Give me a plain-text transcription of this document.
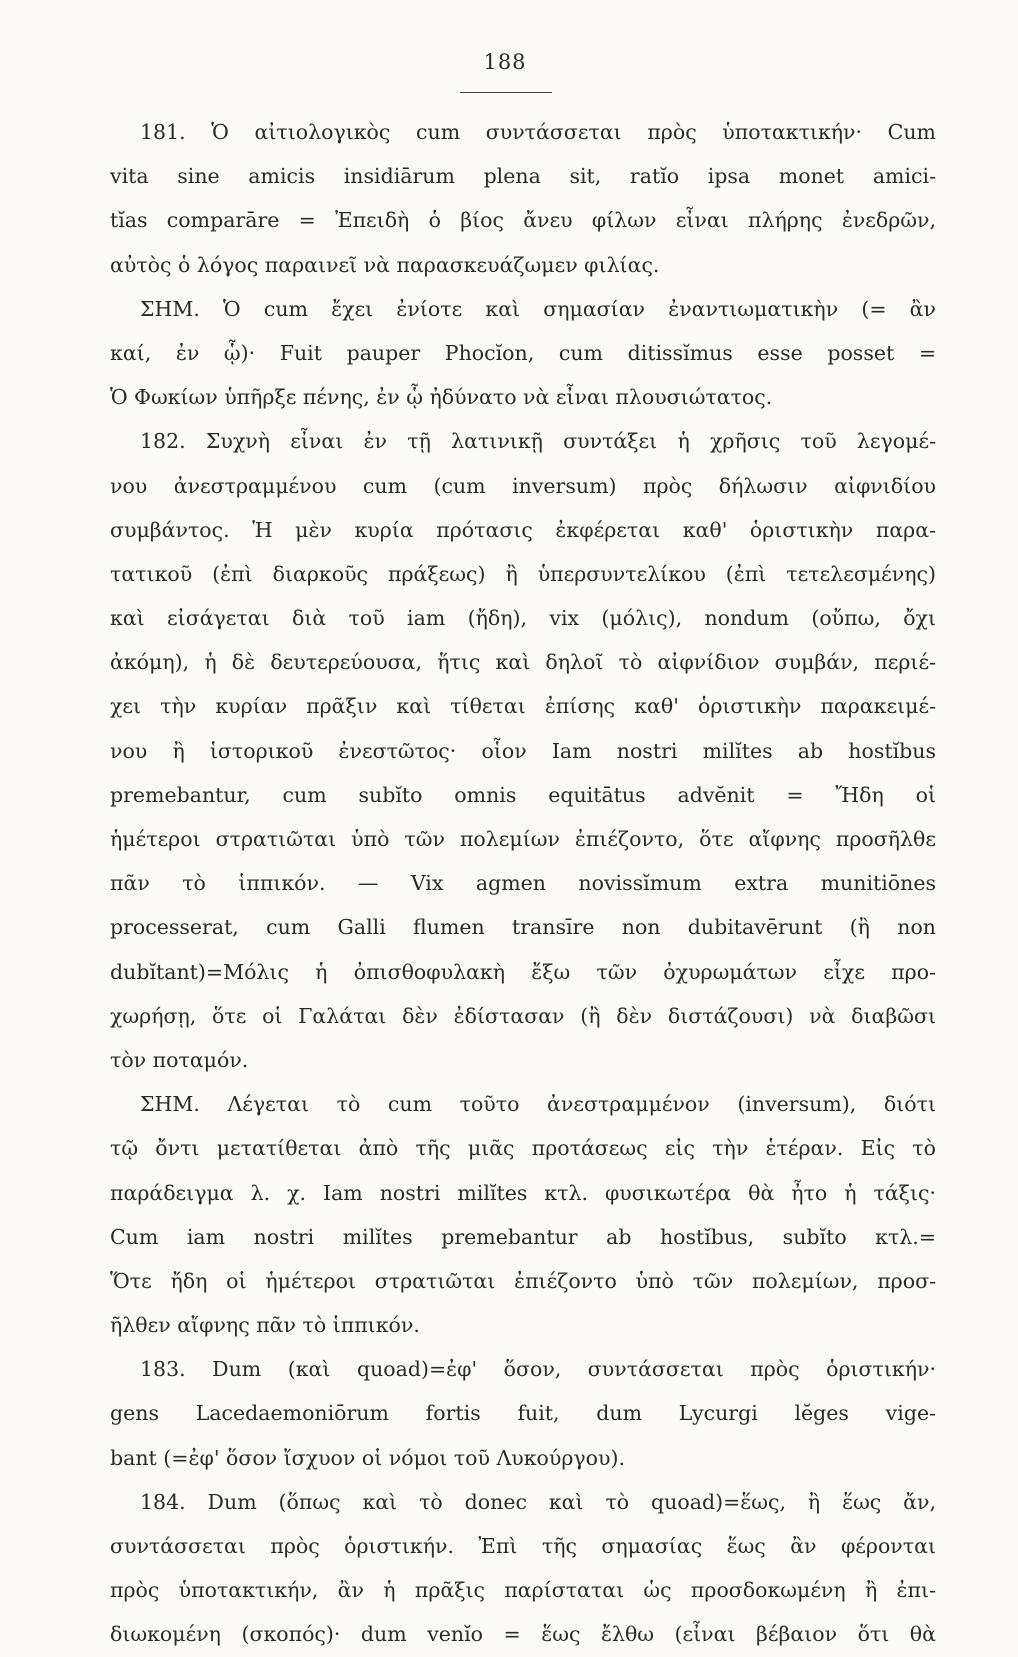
188
181. Ὁ αἰτιολογικὸς cum συντάσσεται πρὸς ὑποτακτικήν· Cum
vita sine amicis insidiārum plena sit, ratĭo ipsa monet amici-
tĭas comparāre = Ἐπειδὴ ὁ βίος ἄνευ φίλων εἶναι πλήρης ἐνεδρῶν,
αὐτὸς ὁ λόγος παραινεῖ νὰ παρασκευάζωμεν φιλίας.
ΣΗΜ. Ὁ cum ἔχει ἐνίοτε καὶ σημασίαν ἐναντιωματικὴν (= ἂν
καί, ἐν ᾧ)· Fuit pauper Phocĭon, cum ditissĭmus esse posset =
Ὁ Φωκίων ὑπῆρξε πένης, ἐν ᾧ ἠδύνατο νὰ εἶναι πλουσιώτατος.
182. Συχνὴ εἶναι ἐν τῇ λατινικῇ συντάξει ἡ χρῆσις τοῦ λεγομέ-
νου ἀνεστραμμένου cum (cum inversum) πρὸς δήλωσιν αἰφνιδίου
συμβάντος. Ἡ μὲν κυρία πρότασις ἐκφέρεται καθ' ὁριστικὴν παρα-
τατικοῦ (ἐπὶ διαρκοῦς πράξεως) ἢ ὑπερσυντελίκου (ἐπὶ τετελεσμένης)
καὶ εἰσάγεται διὰ τοῦ iam (ἤδη), vix (μόλις), nondum (οὔπω, ὄχι
ἀκόμη), ἡ δὲ δευτερεύουσα, ἥτις καὶ δηλοῖ τὸ αἰφνίδιον συμβάν, περιέ-
χει τὴν κυρίαν πρᾶξιν καὶ τίθεται ἐπίσης καθ' ὁριστικὴν παρακειμέ-
νου ἢ ἱστορικοῦ ἐνεστῶτος· οἷον Iam nostri milĭtes ab hostĭbus
premebantur, cum subĭto omnis equitātus advĕnit = Ἤδη οἱ
ἡμέτεροι στρατιῶται ὑπὸ τῶν πολεμίων ἐπιέζοντο, ὅτε αἴφνης προσῆλθε
πᾶν τὸ ἱππικόν. — Vix agmen novissĭmum extra munitiōnes
processerat, cum Galli flumen transīre non dubitavērunt (ἢ non
dubĭtant)=Μόλις ἡ ὀπισθοφυλακὴ ἔξω τῶν ὀχυρωμάτων εἶχε προ-
χωρήσῃ, ὅτε οἱ Γαλάται δὲν ἐδίστασαν (ἢ δὲν διστάζουσι) νὰ διαβῶσι
τὸν ποταμόν.
ΣΗΜ. Λέγεται τὸ cum τοῦτο ἀνεστραμμένον (inversum), διότι
τῷ ὄντι μετατίθεται ἀπὸ τῆς μιᾶς προτάσεως εἰς τὴν ἑτέραν. Εἰς τὸ
παράδειγμα λ. χ. Iam nostri milĭtes κτλ. φυσικωτέρα θὰ ἦτο ἡ τάξις·
Cum iam nostri milĭtes premebantur ab hostĭbus, subĭto κτλ.=
Ὅτε ἤδη οἱ ἡμέτεροι στρατιῶται ἐπιέζοντο ὑπὸ τῶν πολεμίων, προσ-
ῆλθεν αἴφνης πᾶν τὸ ἱππικόν.
183. Dum (καὶ quoad)=ἐφ' ὅσον, συντάσσεται πρὸς ὁριστικήν·
gens Lacedaemoniōrum fortis fuit, dum Lycurgi lĕges vige-
bant (=ἐφ' ὅσον ἴσχυον οἱ νόμοι τοῦ Λυκούργου).
184. Dum (ὅπως καὶ τὸ donec καὶ τὸ quoad)=ἕως, ἢ ἕως ἄν,
συντάσσεται πρὸς ὁριστικήν. Ἐπὶ τῆς σημασίας ἕως ἂν φέρονται
πρὸς ὑποτακτικήν, ἂν ἡ πρᾶξις παρίσταται ὡς προσδοκωμένη ἢ ἐπι-
διωκομένη (σκοπός)· dum venĭo = ἕως ἔλθω (εἶναι βέβαιον ὅτι θὰ
